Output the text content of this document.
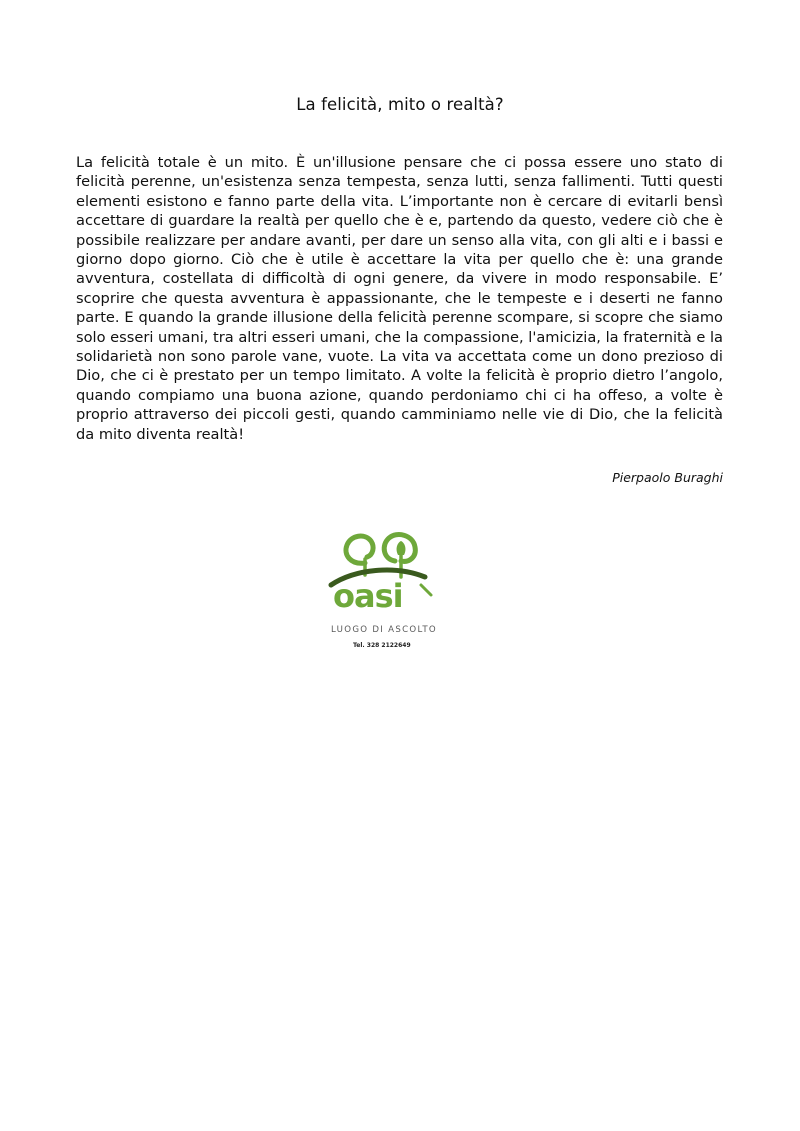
La felicità, mito o realtà?
La felicità totale è un mito. È un'illusione pensare che ci possa essere uno stato di felicità perenne, un'esistenza senza tempesta, senza lutti, senza fallimenti. Tutti questi elementi esistono e fanno parte della vita. L’importante non è cercare di evitarli bensì accettare di guardare la realtà per quello che è e, partendo da questo, vedere ciò che è possibile realizzare per andare avanti, per dare un senso alla vita, con gli alti e i bassi e giorno dopo giorno. Ciò che è utile è accettare la vita per quello che è: una grande avventura, costellata di difficoltà di ogni genere, da vivere in modo responsabile. E’ scoprire che questa avventura è appassionante, che le tempeste e i deserti ne fanno parte. E quando la grande illusione della felicità perenne scompare, si scopre che siamo solo esseri umani, tra altri esseri umani, che la compassione, l'amicizia, la fraternità e la solidarietà non sono parole vane, vuote. La vita va accettata come un dono prezioso di Dio, che ci è prestato per un tempo limitato. A volte la felicità è proprio dietro l’angolo, quando compiamo una buona azione, quando perdoniamo chi ci ha offeso, a volte è proprio attraverso dei piccoli gesti, quando camminiamo nelle vie di Dio, che la felicità da mito diventa realtà!
Pierpaolo Buraghi
oasi
LUOGO DI ASCOLTO
Tel. 328 2122649
